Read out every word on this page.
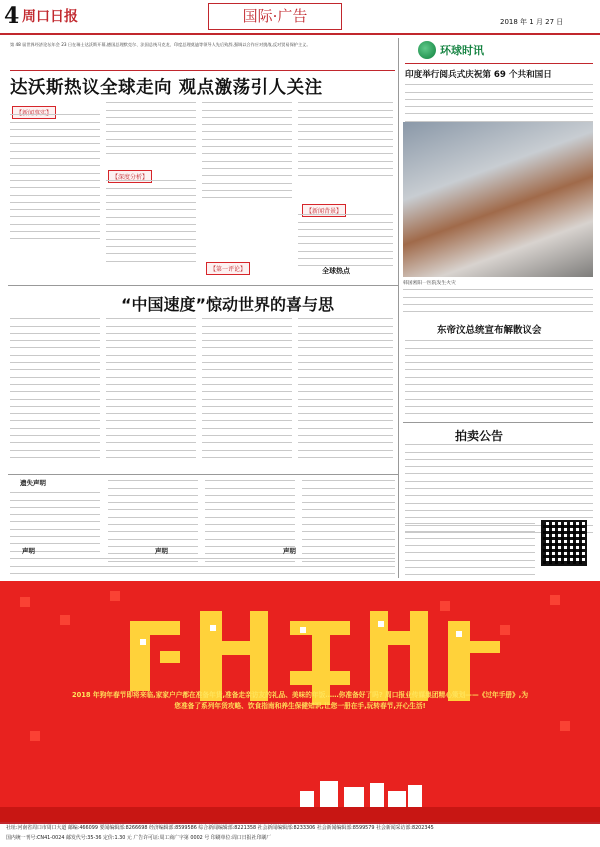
4 周口日报	国际·广告	2018 年 1 月 27 日
第 48 届世界经济论坛年会 23 日在瑞士达沃斯开幕,德国总理默克尔、法国总统马克龙、印度总理莫迪等领导人先后致辞,强调以合作应对挑战,反对贸易保护主义。
达沃斯热议全球走向 观点激荡引人关注
【新闻事实】
【深度分析】
【第一评论】
【新闻背景】
全球热点
环球时讯
印度举行阅兵式庆祝第 69 个共和国日
韩国密阳一医院发生火灾
东帝汶总统宣布解散议会
拍卖公告
“中国速度”惊动世界的喜与思
遗失声明
声明	声明	声明
2018 年狗年春节即将来临,家家户户都在准备年货,准备走亲访友的礼品、美味的年饭……你准备好了吗? 周口报业传媒集团精心策划——《过年手册》,为您准备了系列年货攻略、饮食指南和养生保健知识,让您一册在手,玩转春节,开心生活!
社址:河南省周口市周口大道 邮编:466099 要闻编辑部:8266698 经济编辑部:8599586 综合新闻编辑部:8221358 社会新闻编辑部:8233306 社会新闻编辑部:8599579 社会新闻采访部:8202345
国内统一刊号:CN41-0024 邮发代号:35-36 定价:1.30 元 广告许可证:周工商广字第 0002 号 印刷单位:周口日报社印刷厂
